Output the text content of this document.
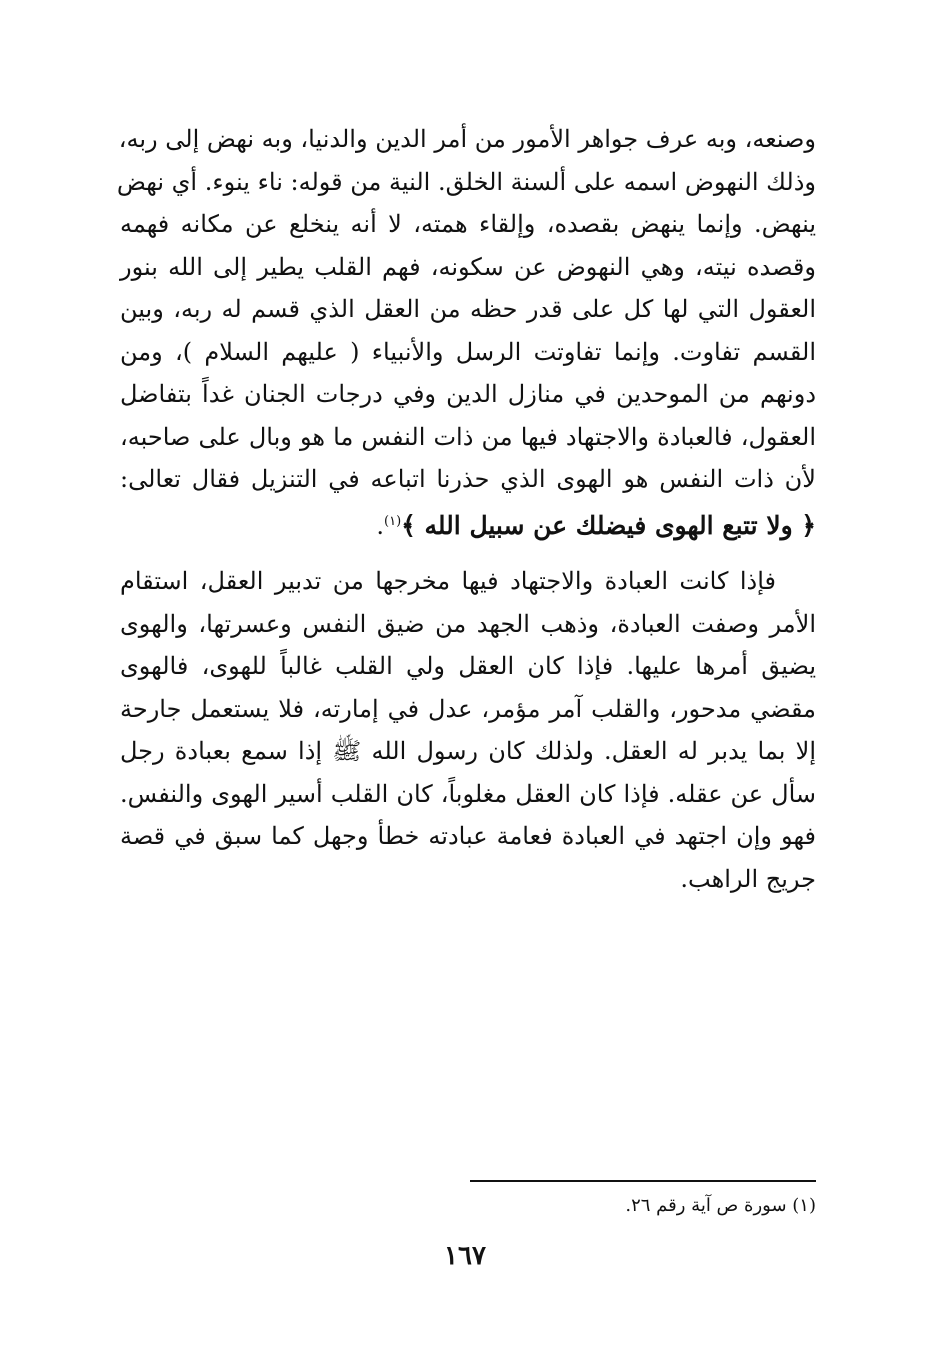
وصنعه، وبه عرف جواهر الأمور من أمر الدين والدنيا، وبه نهض إلى ربه،
وذلك النهوض اسمه على ألسنة الخلق. النية من قوله: ناء ينوء. أي نهض
ينهض. وإنما ينهض بقصده، وإلقاء همته، لا أنه ينخلع عن مكانه فهمه
وقصده نيته، وهي النهوض عن سكونه، فهم القلب يطير إلى الله بنور
العقول التي لها كل على قدر حظه من العقل الذي قسم له ربه، وبين
القسم تفاوت. وإنما تفاوتت الرسل والأنبياء ( عليهم السلام )، ومن
دونهم من الموحدين في منازل الدين وفي درجات الجنان غداً بتفاضل
العقول، فالعبادة والاجتهاد فيها من ذات النفس ما هو وبال على صاحبه،
لأن ذات النفس هو الهوى الذي حذرنا اتباعه في التنزيل فقال تعالى:
﴿ ولا تتبع الهوى فيضلك عن سبيل الله ﴾$^{(١)}$.
فإذا كانت العبادة والاجتهاد فيها مخرجها من تدبير العقل، استقام
الأمر وصفت العبادة، وذهب الجهد من ضيق النفس وعسرتها، والهوى
يضيق أمرها عليها. فإذا كان العقل ولي القلب غالباً للهوى، فالهوى
مقضي مدحور، والقلب آمر مؤمر، عدل في إمارته، فلا يستعمل جارحة
إلا بما يدبر له العقل. ولذلك كان رسول الله ﷺ إذا سمع بعبادة رجل
سأل عن عقله. فإذا كان العقل مغلوباً، كان القلب أسير الهوى والنفس.
فهو وإن اجتهد في العبادة فعامة عبادته خطأ وجهل كما سبق في قصة
جريج الراهب.
(١) سورة ص آية رقم ٢٦.
١٦٧
